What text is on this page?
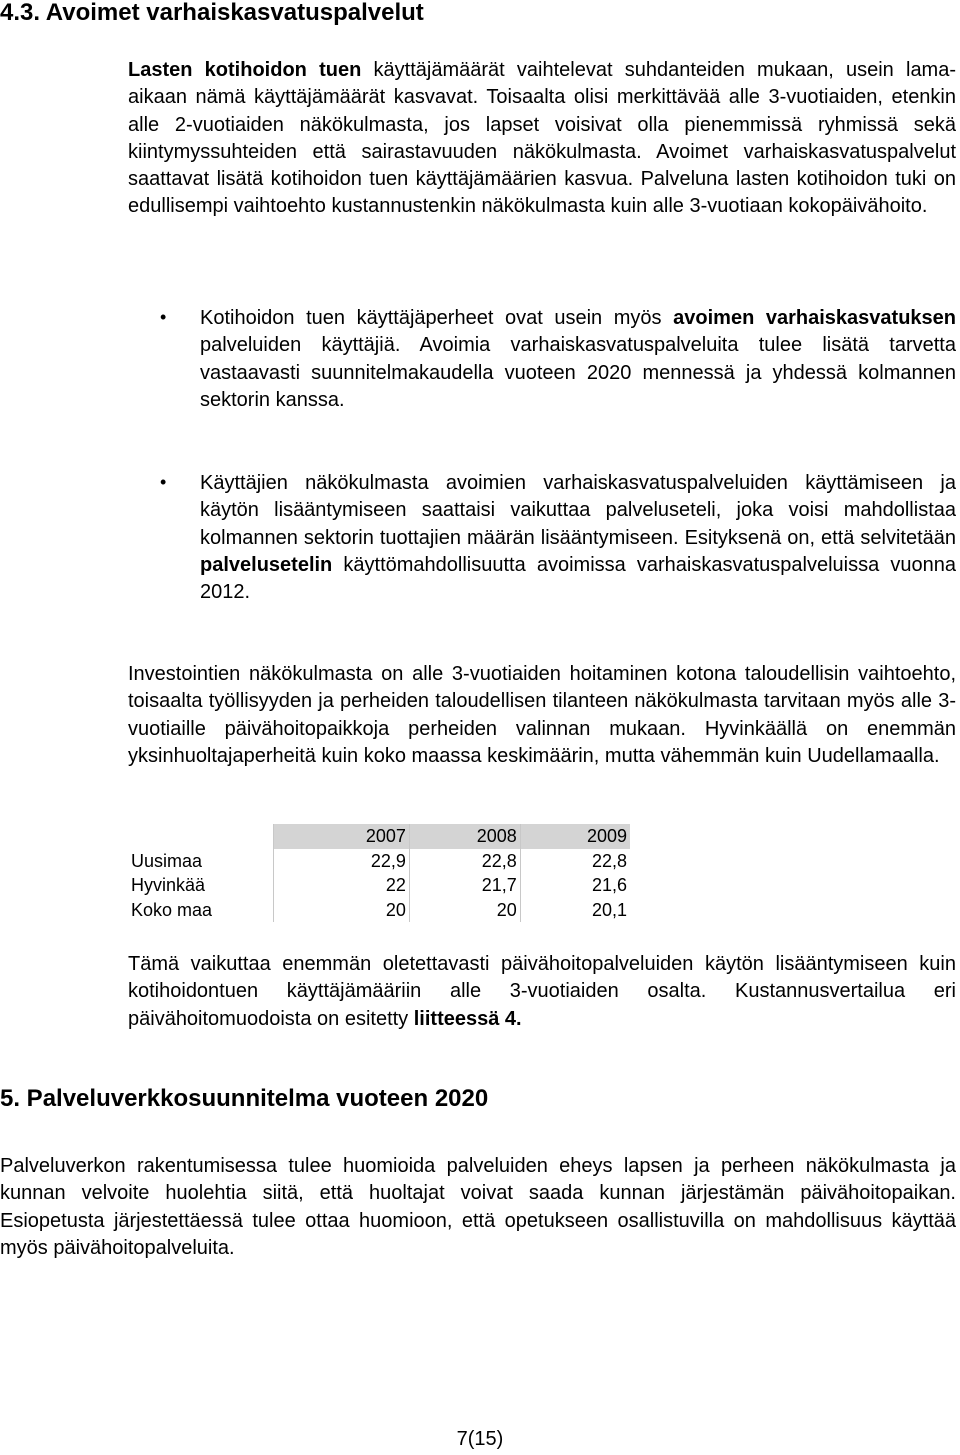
4.3. Avoimet varhaiskasvatuspalvelut

Lasten kotihoidon tuen käyttäjämäärät vaihtelevat suhdanteiden mukaan, usein lama-aikaan nämä käyttäjämäärät kasvavat. Toisaalta olisi merkittävää alle 3-vuotiaiden, etenkin alle 2-vuotiaiden näkökulmasta, jos lapset voisivat olla pienemmissä ryhmissä sekä kiintymyssuhteiden että sairastavuuden näkökulmasta. Avoimet varhaiskasvatuspalvelut saattavat lisätä kotihoidon tuen käyttäjämäärien kasvua. Palveluna lasten kotihoidon tuki on edullisempi vaihtoehto kustannustenkin näkökulmasta kuin alle 3-vuotiaan kokopäivähoito.

• Kotihoidon tuen käyttäjäperheet ovat usein myös avoimen varhaiskasvatuksen palveluiden käyttäjiä. Avoimia varhaiskasvatuspalveluita tulee lisätä tarvetta vastaavasti suunnitelmakaudella vuoteen 2020 mennessä ja yhdessä kolmannen sektorin kanssa.

• Käyttäjien näkökulmasta avoimien varhaiskasvatuspalveluiden käyttämiseen ja käytön lisääntymiseen saattaisi vaikuttaa palveluseteli, joka voisi mahdollistaa kolmannen sektorin tuottajien määrän lisääntymiseen. Esityksenä on, että selvitetään palvelusetelin käyttömahdollisuutta avoimissa varhaiskasvatuspalveluissa vuonna 2012.

Investointien näkökulmasta on alle 3-vuotiaiden hoitaminen kotona taloudellisin vaihtoehto, toisaalta työllisyyden ja perheiden taloudellisen tilanteen näkökulmasta tarvitaan myös alle 3-vuotiaille päivähoitopaikkoja perheiden valinnan mukaan. Hyvinkäällä on enemmän yksinhuoltajaperheitä kuin koko maassa keskimäärin, mutta vähemmän kuin Uudellamaalla.

	2007	2008	2009
Uusimaa	22,9	22,8	22,8
Hyvinkää	22	21,7	21,6
Koko maa	20	20	20,1

Tämä vaikuttaa enemmän oletettavasti päivähoitopalveluiden käytön lisääntymiseen kuin kotihoidontuen käyttäjämääriin alle 3-vuotiaiden osalta. Kustannusvertailua eri päivähoitomuodoista on esitetty liitteessä 4.

5. Palveluverkkosuunnitelma vuoteen 2020

Palveluverkon rakentumisessa tulee huomioida palveluiden eheys lapsen ja perheen näkökulmasta ja kunnan velvoite huolehtia siitä, että huoltajat voivat saada kunnan järjestämän päivähoitopaikan. Esiopetusta järjestettäessä tulee ottaa huomioon, että opetukseen osallistuvilla on mahdollisuus käyttää myös päivähoitopalveluita.

7(15)
